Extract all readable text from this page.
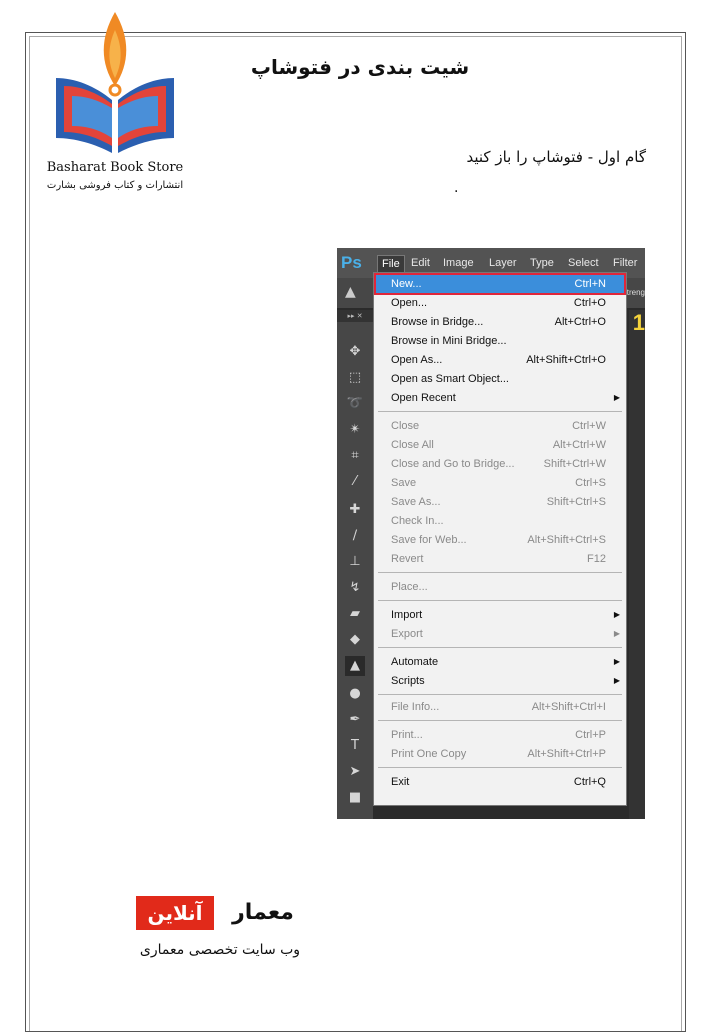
Basharat Book Store
انتشارات و کتاب فروشی بشارت
شیت بندی در فتوشاپ
گام اول - فتوشاپ را باز کنید
.
Ps	File	Edit Image Layer Type Select Filter
▲	treng
1
▸▸ ✕
✥
⬚
➰
✴
⌗
⁄
✚
∕
⊥
↯
▰
◆
▲
●
✒
T
➤
■
New...	Ctrl+N
Open...	Ctrl+O
Browse in Bridge...	Alt+Ctrl+O
Browse in Mini Bridge...
Open As...	Alt+Shift+Ctrl+O
Open as Smart Object...
Open Recent	▶
Close	Ctrl+W
Close All	Alt+Ctrl+W
Close and Go to Bridge...	Shift+Ctrl+W
Save	Ctrl+S
Save As...	Shift+Ctrl+S
Check In...
Save for Web...	Alt+Shift+Ctrl+S
Revert	F12
Place...
Import	▶
Export	▶
Automate	▶
Scripts	▶
File Info...	Alt+Shift+Ctrl+I
Print...	Ctrl+P
Print One Copy	Alt+Shift+Ctrl+P
Exit	Ctrl+Q
آنلاین	معمار
وب سایت تخصصی معماری
